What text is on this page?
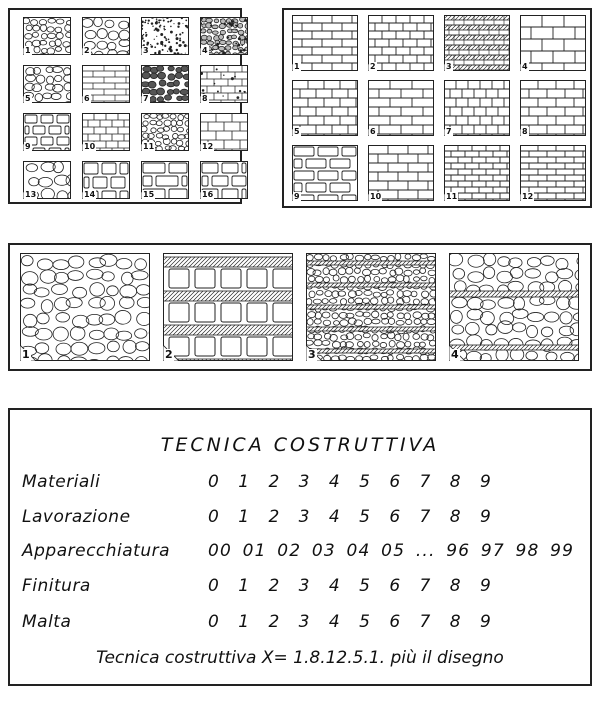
1	2	3	4
5	6	7	8
9	10	11	12
13	14	15	16
1	2	3	4
5	6	7	8
9	10	11	12
1	2	3	4
TECNICA COSTRUTTIVA
Materiali	0 1 2 3 4 5 6 7 8 9
Lavorazione	0 1 2 3 4 5 6 7 8 9
Apparecchiatura 00 01 02 03 04 05 ... 96 97 98 99
Finitura	0 1 2 3 4 5 6 7 8 9
Malta	0 1 2 3 4 5 6 7 8 9
Tecnica costruttiva X= 1.8.12.5.1. più il disegno
